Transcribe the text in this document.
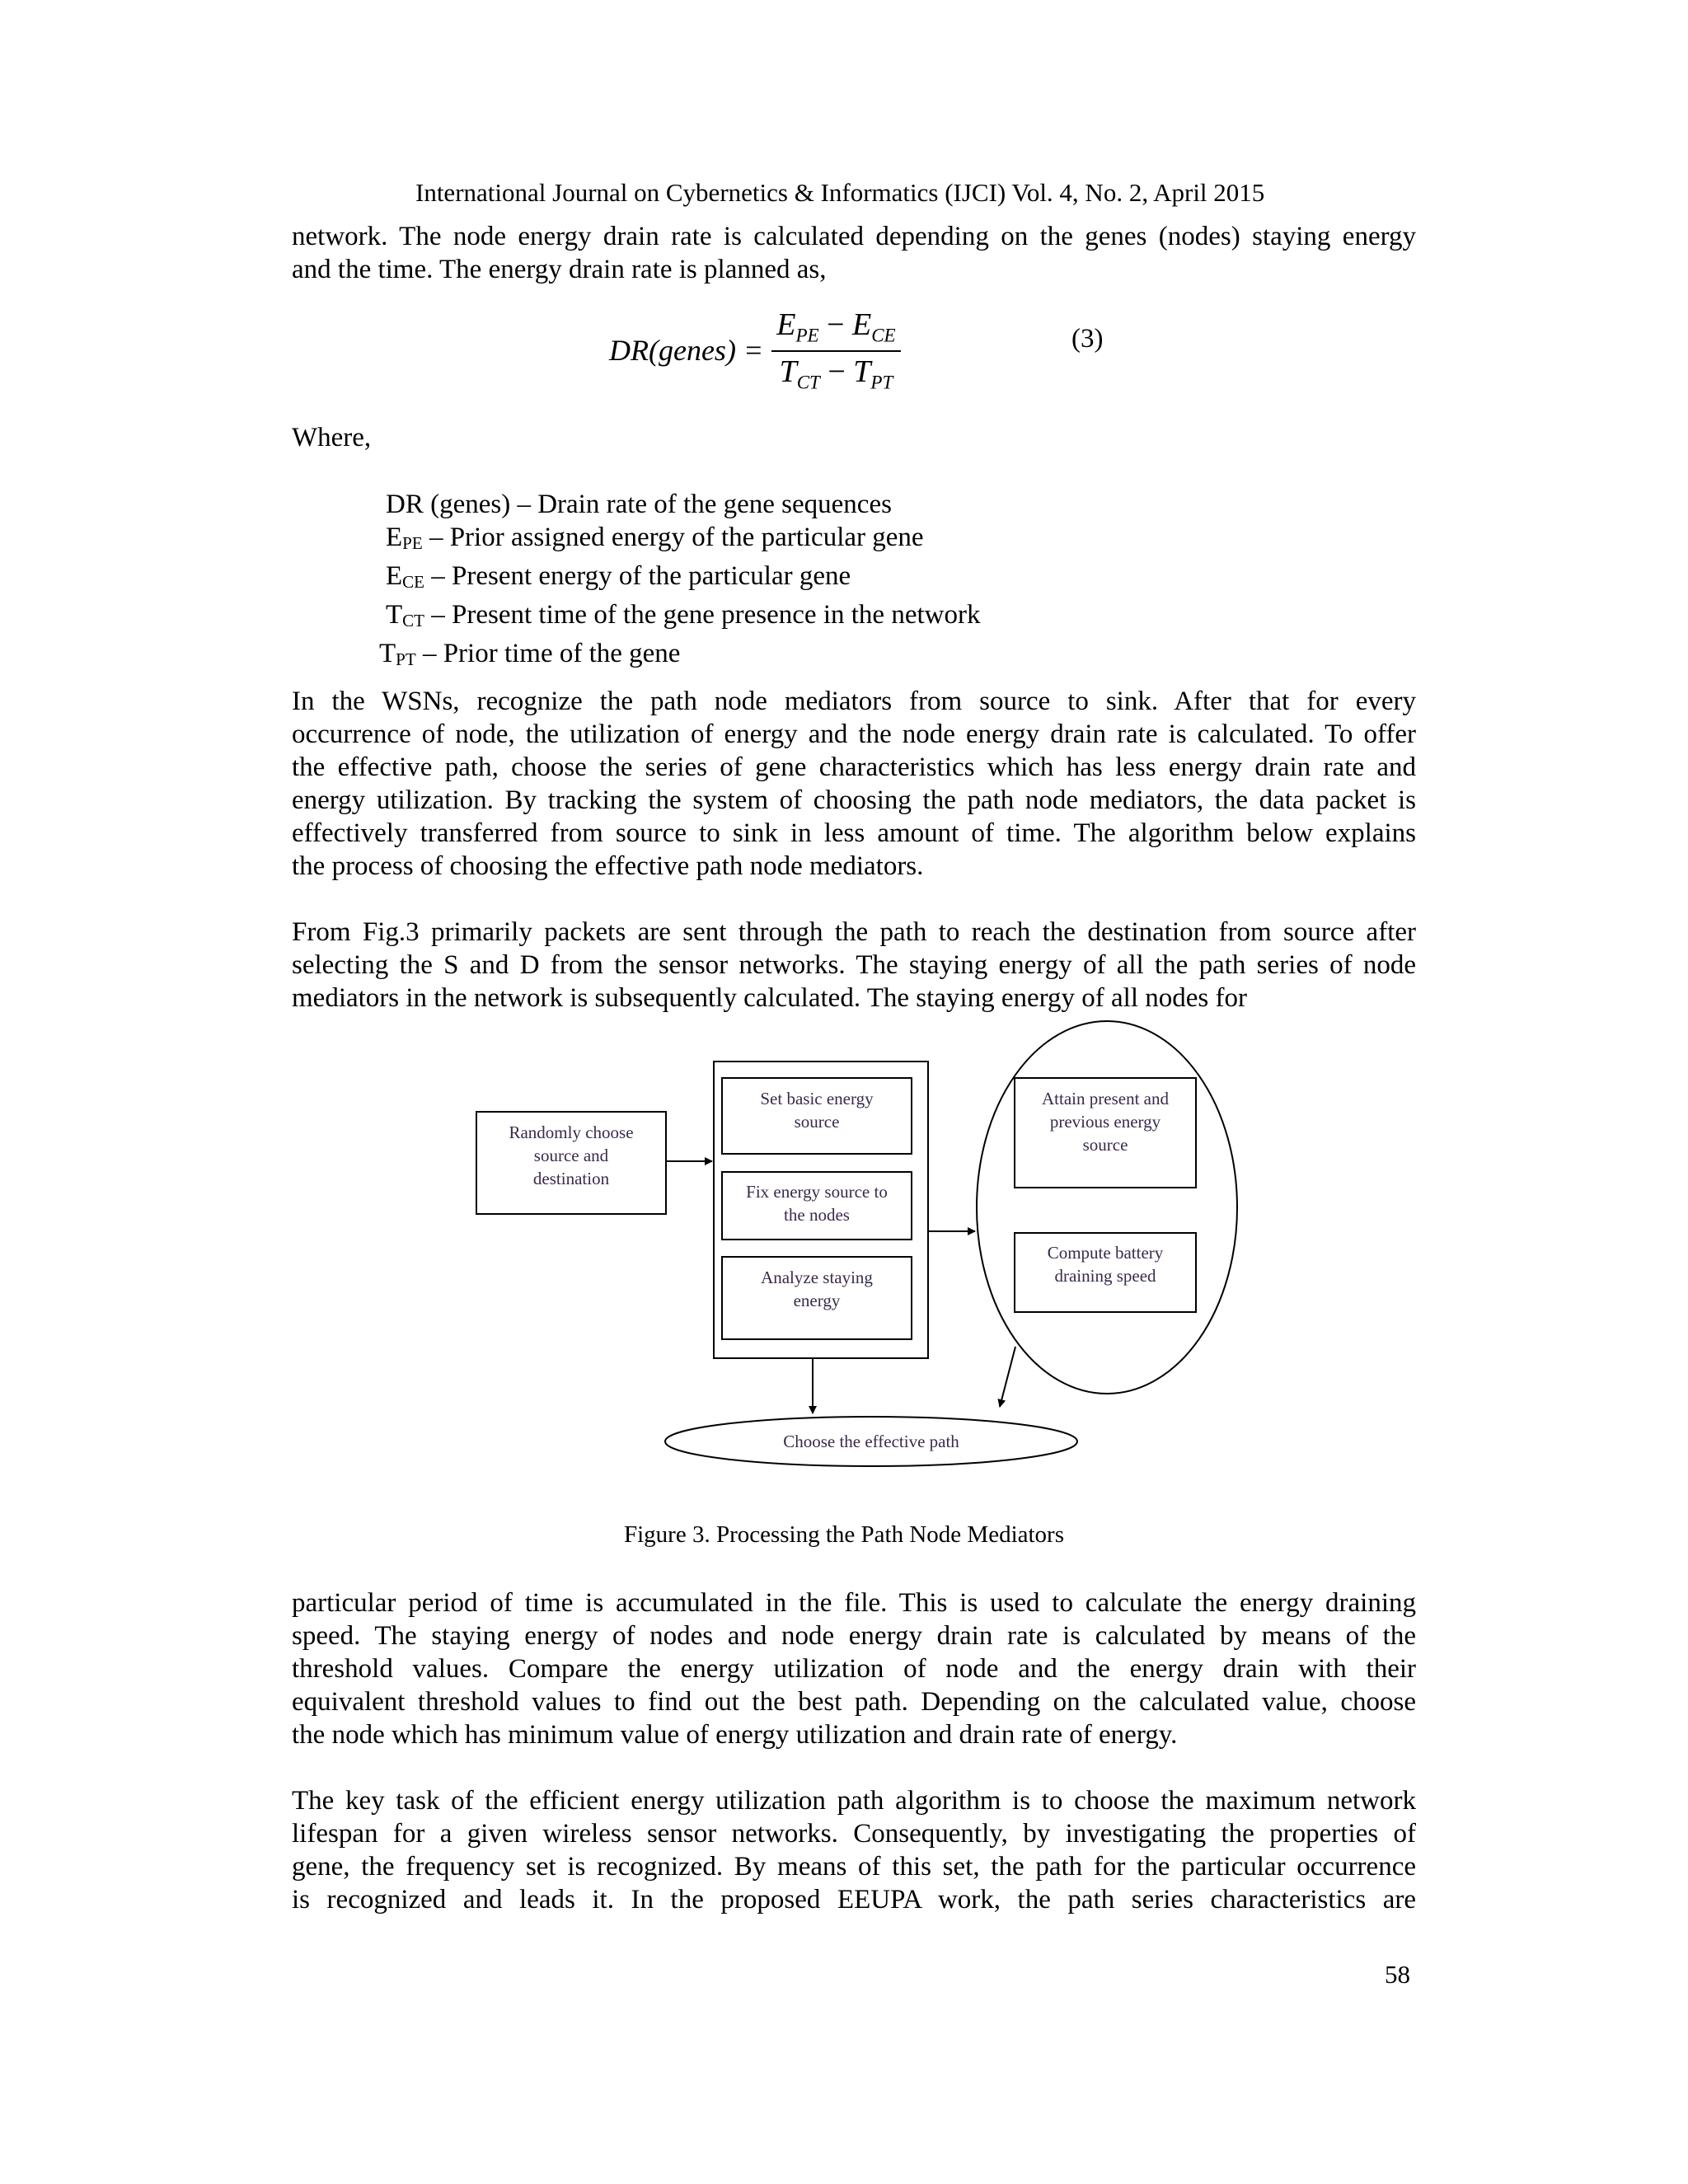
International Journal on Cybernetics & Informatics (IJCI) Vol. 4, No. 2, April 2015
network. The node energy drain rate is calculated depending on the genes (nodes) staying energy
and the time. The energy drain rate is planned as,
DR(genes) =	$E_{PE} - E_{CE}$
$T_{CT} - T_{PT}$
(3)
Where,
DR (genes) – Drain rate of the gene sequences
$E_{PE}$ – Prior assigned energy of the particular gene
$E_{CE}$ – Present energy of the particular gene
$T_{CT}$ – Present time of the gene presence in the network
$T_{PT}$ – Prior time of the gene
In the WSNs, recognize the path node mediators from source to sink. After that for every
occurrence of node, the utilization of energy and the node energy drain rate is calculated. To offer
the effective path, choose the series of gene characteristics which has less energy drain rate and
energy utilization. By tracking the system of choosing the path node mediators, the data packet is
effectively transferred from source to sink in less amount of time. The algorithm below explains
the process of choosing the effective path node mediators.
From Fig.3 primarily packets are sent through the path to reach the destination from source after
selecting the S and D from the sensor networks. The staying energy of all the path series of node
mediators in the network is subsequently calculated. The staying energy of all nodes for
Randomly choose
source and
destination
Set basic energy
source
Fix energy source to
the nodes
Analyze staying
energy
Attain present and
previous energy
source
Compute battery
draining speed
Choose the effective path
Figure 3. Processing the Path Node Mediators
particular period of time is accumulated in the file. This is used to calculate the energy draining
speed. The staying energy of nodes and node energy drain rate is calculated by means of the
threshold values. Compare the energy utilization of node and the energy drain with their
equivalent threshold values to find out the best path. Depending on the calculated value, choose
the node which has minimum value of energy utilization and drain rate of energy.
The key task of the efficient energy utilization path algorithm is to choose the maximum network
lifespan for a given wireless sensor networks. Consequently, by investigating the properties of
gene, the frequency set is recognized. By means of this set, the path for the particular occurrence
is recognized and leads it. In the proposed EEUPA work, the path series characteristics are
58
